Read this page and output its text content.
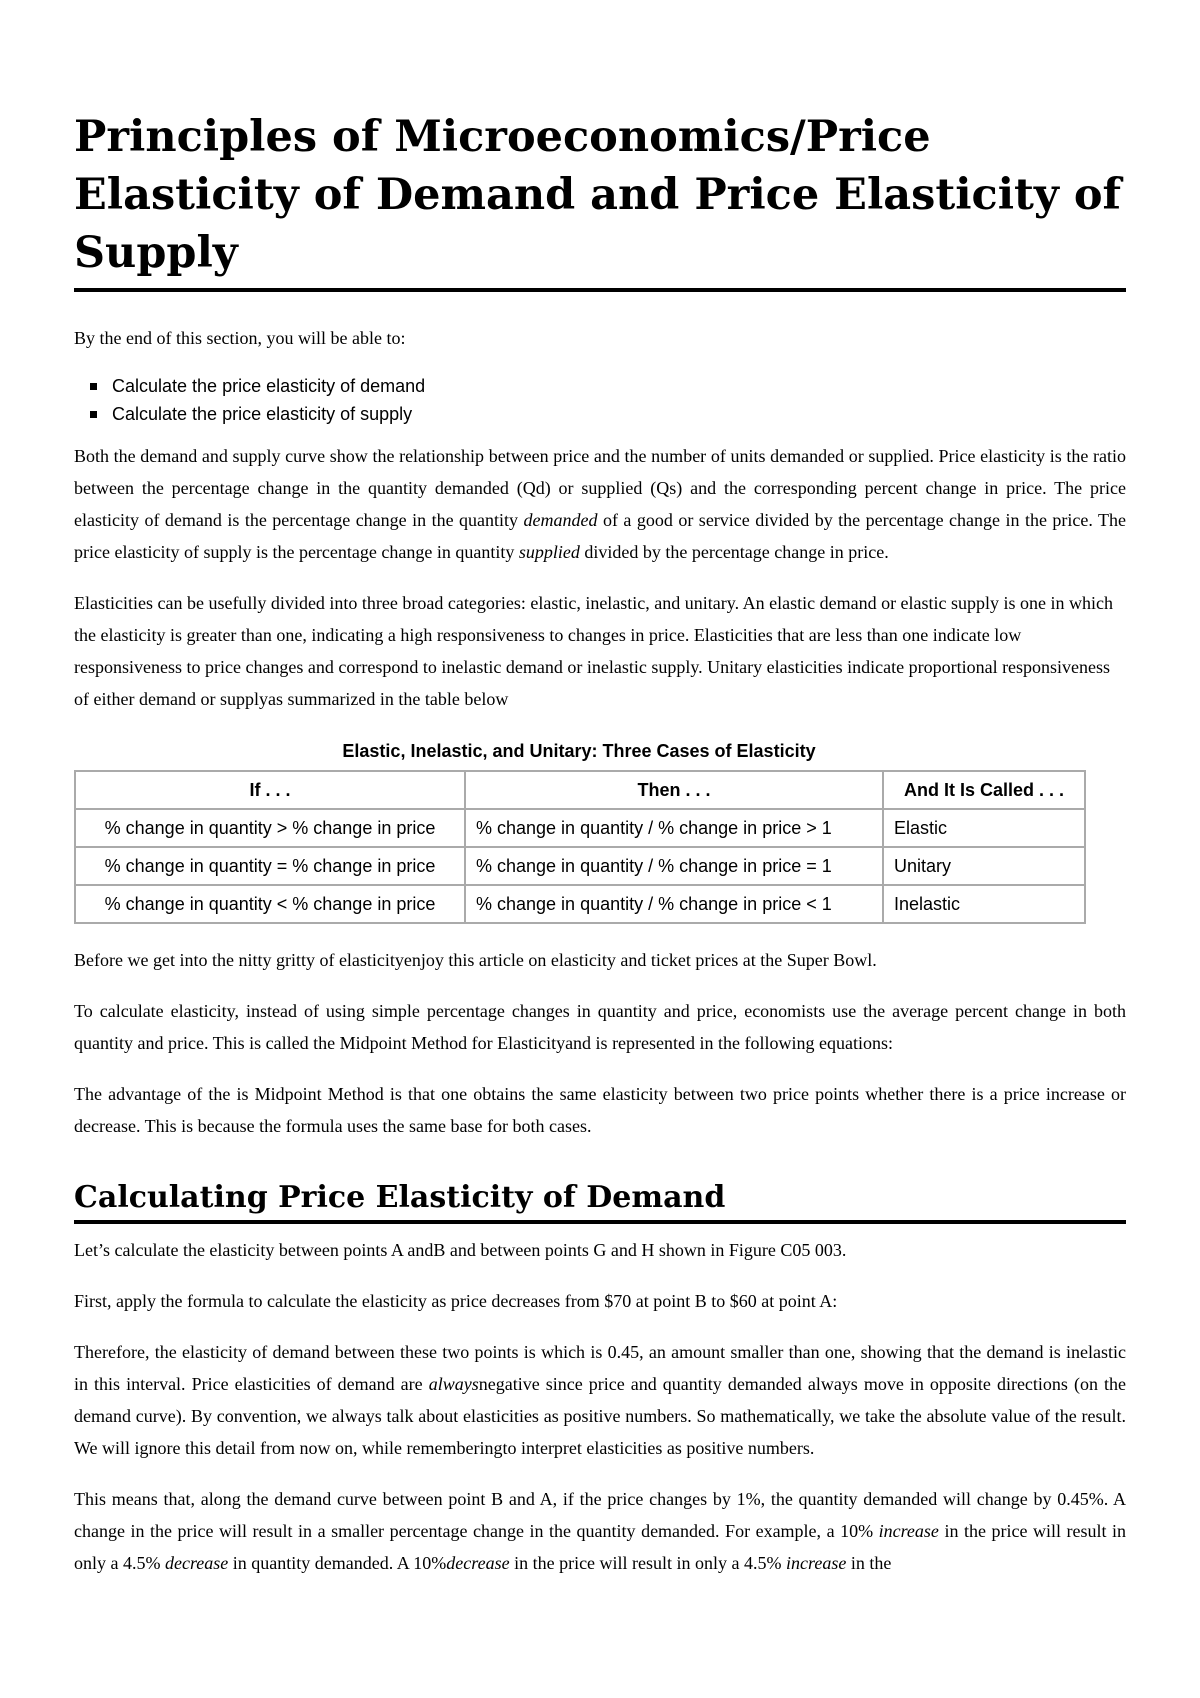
Principles of Microeconomics/Price Elasticity of Demand and Price Elasticity of Supply
By the end of this section, you will be able to:
Calculate the price elasticity of demand
Calculate the price elasticity of supply

Both the demand and supply curve show the relationship between price and the number of units demanded or supplied. Price elasticity is the ratio between the percentage change in the quantity demanded (Qd) or supplied (Qs) and the corresponding percent change in price. The price elasticity of demand is the percentage change in the quantity demanded of a good or service divided by the percentage change in the price. The price elasticity of supply is the percentage change in quantity supplied divided by the percentage change in price.

Elasticities can be usefully divided into three broad categories: elastic, inelastic, and unitary. An elastic demand or elastic supply is one in which the elasticity is greater than one, indicating a high responsiveness to changes in price. Elasticities that are less than one indicate low responsiveness to price changes and correspond to inelastic demand or inelastic supply. Unitary elasticities indicate proportional responsiveness of either demand or supplyas summarized in the table below

Elastic, Inelastic, and Unitary: Three Cases of Elasticity
If . . .	Then . . .	And It Is Called . . .
% change in quantity > % change in price	% change in quantity / % change in price > 1	Elastic
% change in quantity = % change in price	% change in quantity / % change in price = 1	Unitary
% change in quantity < % change in price	% change in quantity / % change in price < 1	Inelastic

Before we get into the nitty gritty of elasticityenjoy this article on elasticity and ticket prices at the Super Bowl.

To calculate elasticity, instead of using simple percentage changes in quantity and price, economists use the average percent change in both quantity and price. This is called the Midpoint Method for Elasticityand is represented in the following equations:

The advantage of the is Midpoint Method is that one obtains the same elasticity between two price points whether there is a price increase or decrease. This is because the formula uses the same base for both cases.

Calculating Price Elasticity of Demand

Let’s calculate the elasticity between points A andB and between points G and H shown in Figure C05 003.

First, apply the formula to calculate the elasticity as price decreases from $70 at point B to $60 at point A:

Therefore, the elasticity of demand between these two points is which is 0.45, an amount smaller than one, showing that the demand is inelastic in this interval. Price elasticities of demand are alwaysnegative since price and quantity demanded always move in opposite directions (on the demand curve). By convention, we always talk about elasticities as positive numbers. So mathematically, we take the absolute value of the result. We will ignore this detail from now on, while rememberingto interpret elasticities as positive numbers.

This means that, along the demand curve between point B and A, if the price changes by 1%, the quantity demanded will change by 0.45%. A change in the price will result in a smaller percentage change in the quantity demanded. For example, a 10% increase in the price will result in only a 4.5% decrease in quantity demanded. A 10%decrease in the price will result in only a 4.5% increase in the
